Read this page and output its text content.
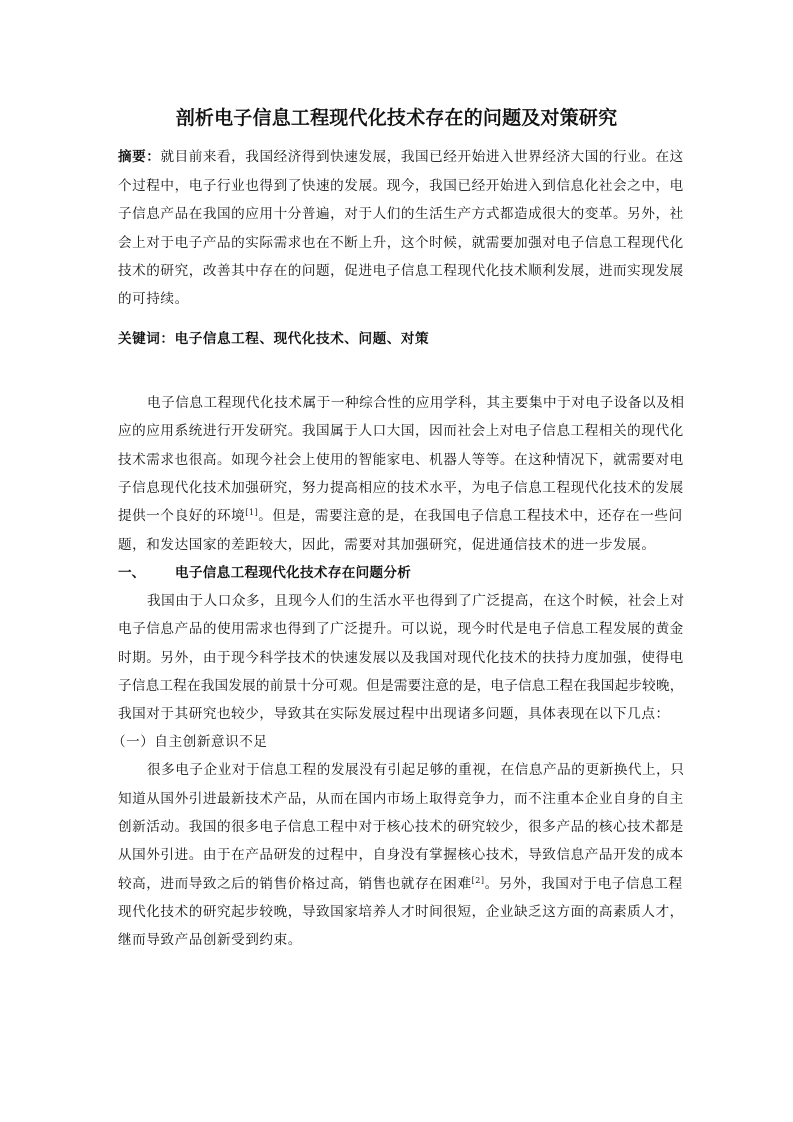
剖析电子信息工程现代化技术存在的问题及对策研究
摘要：就目前来看，我国经济得到快速发展，我国已经开始进入世界经济大国的行业。在这
个过程中，电子行业也得到了快速的发展。现今，我国已经开始进入到信息化社会之中，电
子信息产品在我国的应用十分普遍，对于人们的生活生产方式都造成很大的变革。另外，社
会上对于电子产品的实际需求也在不断上升，这个时候，就需要加强对电子信息工程现代化
技术的研究，改善其中存在的问题，促进电子信息工程现代化技术顺利发展，进而实现发展
的可持续。
关键词：电子信息工程、现代化技术、问题、对策
电子信息工程现代化技术属于一种综合性的应用学科，其主要集中于对电子设备以及相
应的应用系统进行开发研究。我国属于人口大国，因而社会上对电子信息工程相关的现代化
技术需求也很高。如现今社会上使用的智能家电、机器人等等。在这种情况下，就需要对电
子信息现代化技术加强研究，努力提高相应的技术水平，为电子信息工程现代化技术的发展
提供一个良好的环境[1]。但是，需要注意的是，在我国电子信息工程技术中，还存在一些问
题，和发达国家的差距较大，因此，需要对其加强研究，促进通信技术的进一步发展。
一、 电子信息工程现代化技术存在问题分析
我国由于人口众多，且现今人们的生活水平也得到了广泛提高，在这个时候，社会上对
电子信息产品的使用需求也得到了广泛提升。可以说，现今时代是电子信息工程发展的黄金
时期。另外，由于现今科学技术的快速发展以及我国对现代化技术的扶持力度加强，使得电
子信息工程在我国发展的前景十分可观。但是需要注意的是，电子信息工程在我国起步较晚，
我国对于其研究也较少，导致其在实际发展过程中出现诸多问题，具体表现在以下几点：
（一）自主创新意识不足
很多电子企业对于信息工程的发展没有引起足够的重视，在信息产品的更新换代上，只
知道从国外引进最新技术产品，从而在国内市场上取得竞争力，而不注重本企业自身的自主
创新活动。我国的很多电子信息工程中对于核心技术的研究较少，很多产品的核心技术都是
从国外引进。由于在产品研发的过程中，自身没有掌握核心技术，导致信息产品开发的成本
较高，进而导致之后的销售价格过高，销售也就存在困难[2]。另外，我国对于电子信息工程
现代化技术的研究起步较晚，导致国家培养人才时间很短，企业缺乏这方面的高素质人才，
继而导致产品创新受到约束。
